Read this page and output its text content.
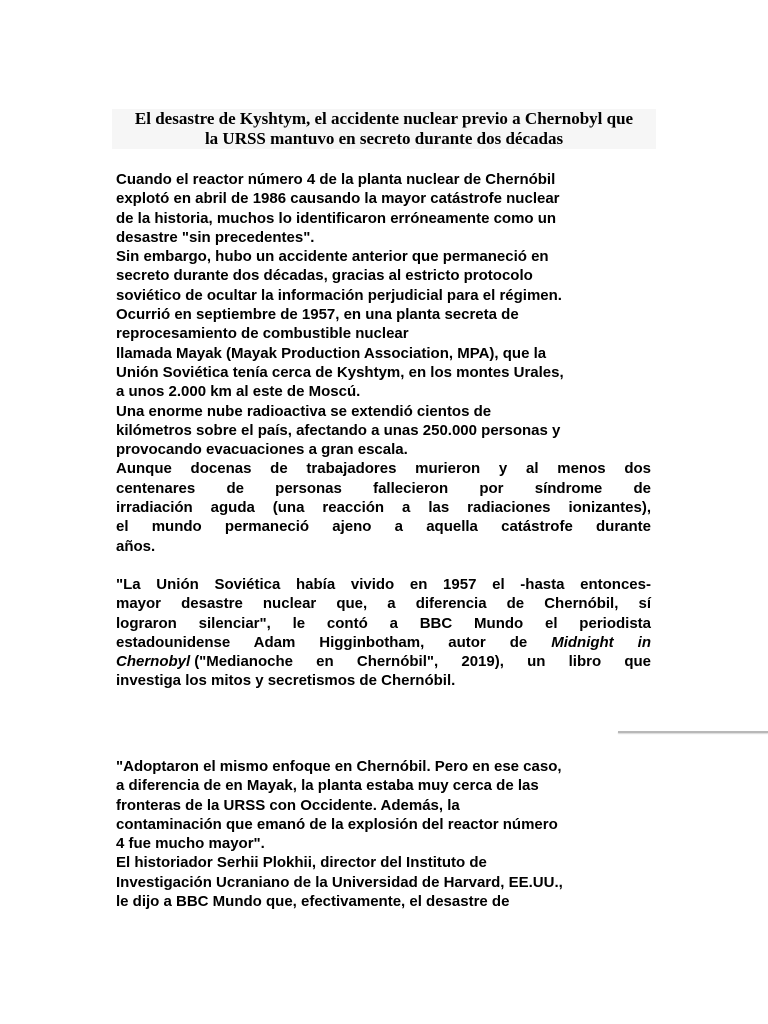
El desastre de Kyshtym, el accidente nuclear previo a Chernobyl que
la URSS mantuvo en secreto durante dos décadas
Cuando el reactor número 4 de la planta nuclear de Chernóbil
explotó en abril de 1986 causando la mayor catástrofe nuclear
de la historia, muchos lo identificaron erróneamente como un
desastre "sin precedentes".
Sin embargo, hubo un accidente anterior que permaneció en
secreto durante dos décadas, gracias al estricto protocolo
soviético de ocultar la información perjudicial para el régimen.
Ocurrió en septiembre de 1957, en una planta secreta de
reprocesamiento de combustible nuclear
llamada Mayak (Mayak Production Association, MPA), que la
Unión Soviética tenía cerca de Kyshtym, en los montes Urales,
a unos 2.000 km al este de Moscú.
Una enorme nube radioactiva se extendió cientos de
kilómetros sobre el país, afectando a unas 250.000 personas y
provocando evacuaciones a gran escala.
Aunque docenas de trabajadores murieron y al menos dos
centenares de personas fallecieron por síndrome de
irradiación aguda (una reacción a las radiaciones ionizantes),
el mundo permaneció ajeno a aquella catástrofe durante
años.
"La Unión Soviética había vivido en 1957 el -hasta entonces-
mayor desastre nuclear que, a diferencia de Chernóbil, sí
lograron silenciar", le contó a BBC Mundo el periodista
estadounidense Adam Higginbotham, autor de Midnight in
Chernobyl ("Medianoche en Chernóbil", 2019), un libro que
investiga los mitos y secretismos de Chernóbil.
"Adoptaron el mismo enfoque en Chernóbil. Pero en ese caso,
a diferencia de en Mayak, la planta estaba muy cerca de las
fronteras de la URSS con Occidente. Además, la
contaminación que emanó de la explosión del reactor número
4 fue mucho mayor".
El historiador Serhii Plokhii, director del Instituto de
Investigación Ucraniano de la Universidad de Harvard, EE.UU.,
le dijo a BBC Mundo que, efectivamente, el desastre de
